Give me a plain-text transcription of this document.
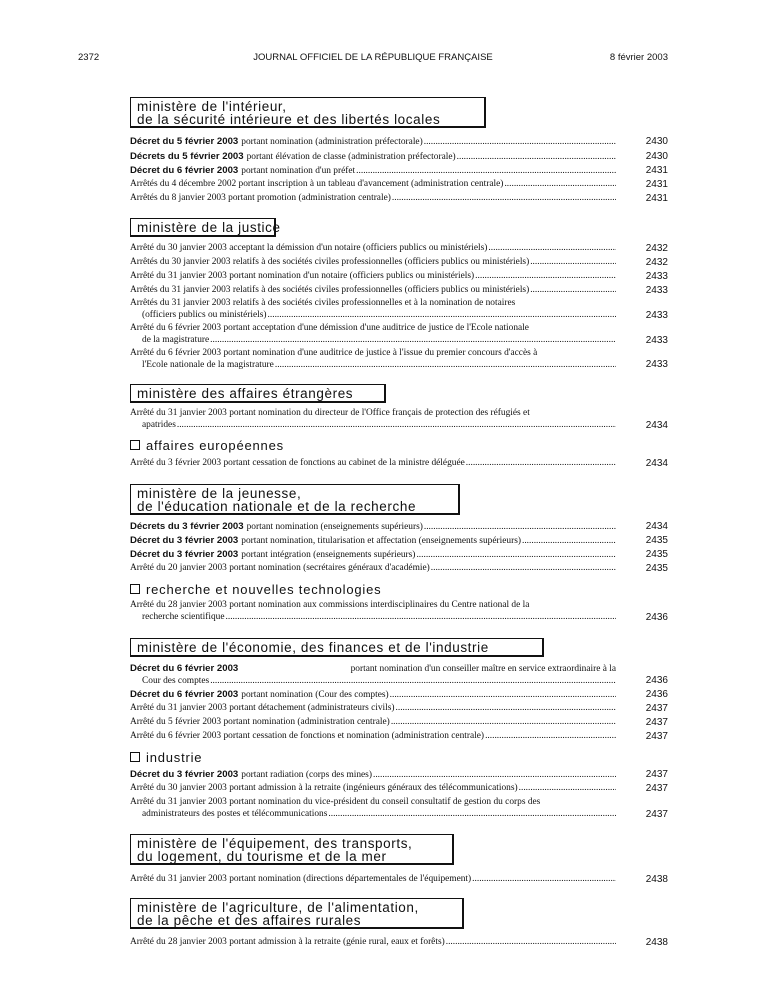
2372	JOURNAL OFFICIEL DE LA RÉPUBLIQUE FRANÇAISE	8 février 2003
ministère de l'intérieur,
de la sécurité intérieure et des libertés locales
Décret du 5 février 2003 portant nomination (administration préfectorale) .....	2430
Décrets du 5 février 2003 portant élévation de classe (administration préfectorale) .....	2430
Décret du 6 février 2003 portant nomination d'un préfet .....	2431
Arrêtés du 4 décembre 2002 portant inscription à un tableau d'avancement (administration centrale) .....	2431
Arrêtés du 8 janvier 2003 portant promotion (administration centrale) .....	2431
ministère de la justice
Arrêté du 30 janvier 2003 acceptant la démission d'un notaire (officiers publics ou ministériels) .....	2432
Arrêtés du 30 janvier 2003 relatifs à des sociétés civiles professionnelles (officiers publics ou ministériels) .....	2432
Arrêté du 31 janvier 2003 portant nomination d'un notaire (officiers publics ou ministériels) .....	2433
Arrêtés du 31 janvier 2003 relatifs à des sociétés civiles professionnelles (officiers publics ou ministériels) .....	2433
Arrêtés du 31 janvier 2003 relatifs à des sociétés civiles professionnelles et à la nomination de notaires
(officiers publics ou ministériels) .....	2433
Arrêté du 6 février 2003 portant acceptation d'une démission d'une auditrice de justice de l'Ecole nationale
de la magistrature .....	2433
Arrêté du 6 février 2003 portant nomination d'une auditrice de justice à l'issue du premier concours d'accès à
l'Ecole nationale de la magistrature .....	2433
ministère des affaires étrangères
Arrêté du 31 janvier 2003 portant nomination du directeur de l'Office français de protection des réfugiés et
apatrides .....	2434
affaires européennes
Arrêté du 3 février 2003 portant cessation de fonctions au cabinet de la ministre déléguée .....	2434
ministère de la jeunesse,
de l'éducation nationale et de la recherche
Décrets du 3 février 2003 portant nomination (enseignements supérieurs) .....	2434
Décret du 3 février 2003 portant nomination, titularisation et affectation (enseignements supérieurs) .....	2435
Décret du 3 février 2003 portant intégration (enseignements supérieurs) .....	2435
Arrêté du 20 janvier 2003 portant nomination (secrétaires généraux d'académie) .....	2435
recherche et nouvelles technologies
Arrêté du 28 janvier 2003 portant nomination aux commissions interdisciplinaires du Centre national de la
recherche scientifique .....	2436
ministère de l'économie, des finances et de l'industrie
Décret du 6 février 2003	portant nomination d'un conseiller maître en service extraordinaire à la
Cour des comptes .....	2436
Décret du 6 février 2003 portant nomination (Cour des comptes) .....	2436
Arrêté du 31 janvier 2003 portant détachement (administrateurs civils) .....	2437
Arrêté du 5 février 2003 portant nomination (administration centrale) .....	2437
Arrêté du 6 février 2003 portant cessation de fonctions et nomination (administration centrale) .....	2437
industrie
Décret du 3 février 2003 portant radiation (corps des mines) .....	2437
Arrêté du 30 janvier 2003 portant admission à la retraite (ingénieurs généraux des télécommunications) .....	2437
Arrêté du 31 janvier 2003 portant nomination du vice-président du conseil consultatif de gestion du corps des
administrateurs des postes et télécommunications .....	2437
ministère de l'équipement, des transports,
du logement, du tourisme et de la mer
Arrêté du 31 janvier 2003 portant nomination (directions départementales de l'équipement) .....	2438
ministère de l'agriculture, de l'alimentation,
de la pêche et des affaires rurales
Arrêté du 28 janvier 2003 portant admission à la retraite (génie rural, eaux et forêts) .....	2438
